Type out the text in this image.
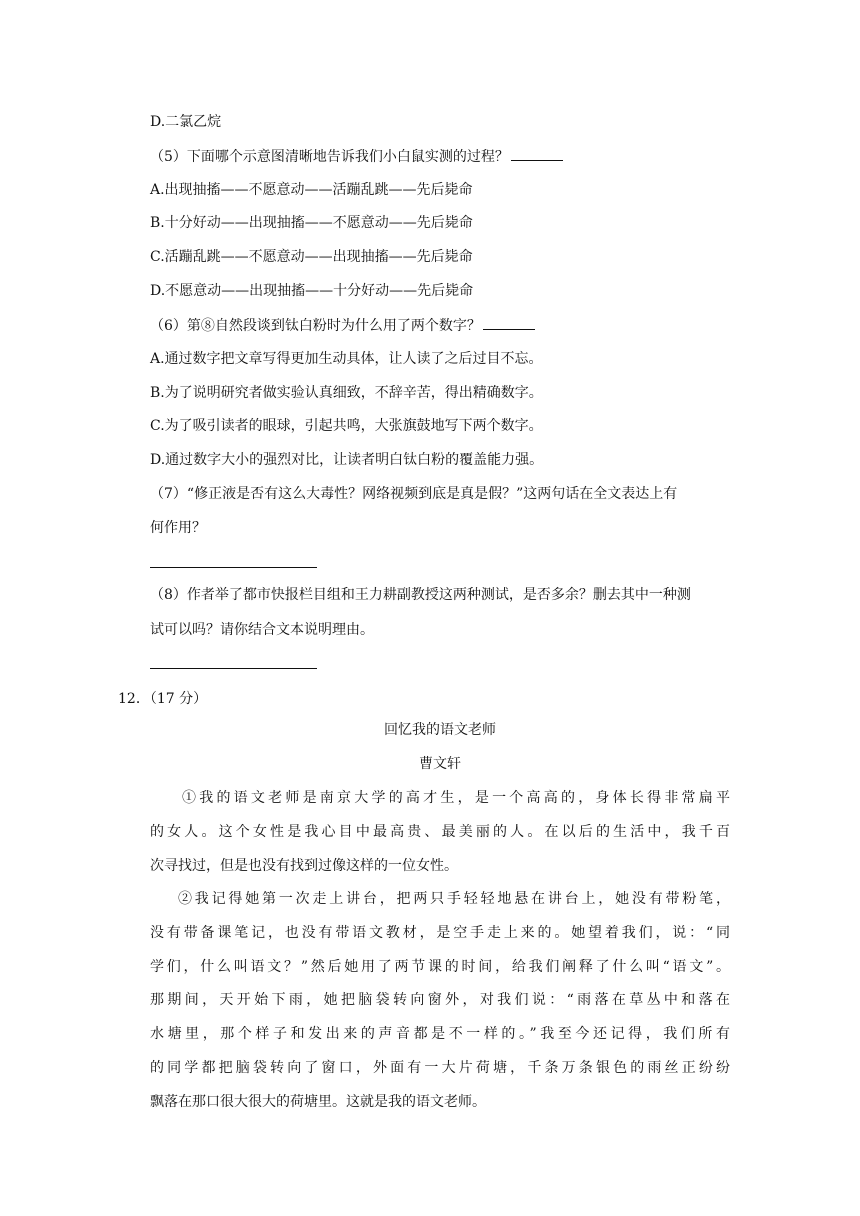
D.二氯乙烷
（5）下面哪个示意图清晰地告诉我们小白鼠实测的过程？
A.出现抽搐——不愿意动——活蹦乱跳——先后毙命
B.十分好动——出现抽搐——不愿意动——先后毙命
C.活蹦乱跳——不愿意动——出现抽搐——先后毙命
D.不愿意动——出现抽搐——十分好动——先后毙命
（6）第⑧自然段谈到钛白粉时为什么用了两个数字？
A.通过数字把文章写得更加生动具体，让人读了之后过目不忘。
B.为了说明研究者做实验认真细致，不辞辛苦，得出精确数字。
C.为了吸引读者的眼球，引起共鸣，大张旗鼓地写下两个数字。
D.通过数字大小的强烈对比，让读者明白钛白粉的覆盖能力强。
（7）“修正液是否有这么大毒性？网络视频到底是真是假？”这两句话在全文表达上有
何作用？
（8）作者举了都市快报栏目组和王力耕副教授这两种测试，是否多余？删去其中一种测
试可以吗？请你结合文本说明理由。
12．（17 分）
回忆我的语文老师
曹文轩
①我的语文老师是南京大学的高才生，是一个高高的，身体长得非常扁平
的女人。这个女性是我心目中最高贵、最美丽的人。在以后的生活中，我千百
次寻找过，但是也没有找到过像这样的一位女性。
②我记得她第一次走上讲台，把两只手轻轻地悬在讲台上，她没有带粉笔，
没有带备课笔记，也没有带语文教材，是空手走上来的。她望着我们，说：“同
学们，什么叫语文？”然后她用了两节课的时间，给我们阐释了什么叫“语文”。
那期间，天开始下雨，她把脑袋转向窗外，对我们说：“雨落在草丛中和落在
水塘里，那个样子和发出来的声音都是不一样的。”我至今还记得，我们所有
的同学都把脑袋转向了窗口，外面有一大片荷塘，千条万条银色的雨丝正纷纷
飘落在那口很大很大的荷塘里。这就是我的语文老师。
